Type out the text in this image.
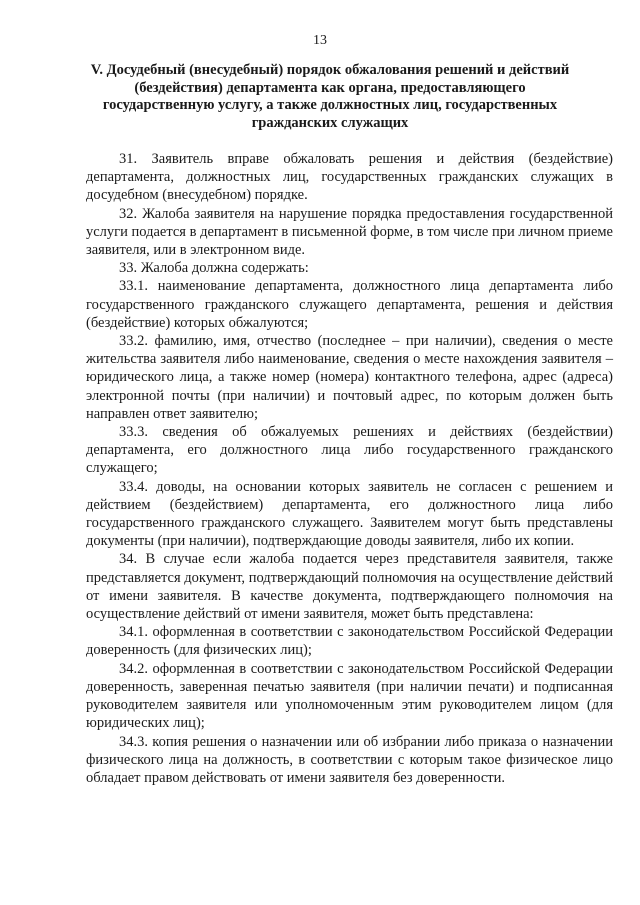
13
V. Досудебный (внесудебный) порядок обжалования решений и действий (бездействия) департамента как органа, предоставляющего государственную услугу, а также должностных лиц, государственных гражданских служащих

31. Заявитель вправе обжаловать решения и действия (бездействие) департамента, должностных лиц, государственных гражданских служащих в досудебном (внесудебном) порядке.

32. Жалоба заявителя на нарушение порядка предоставления государственной услуги подается в департамент в письменной форме, в том числе при личном приеме заявителя, или в электронном виде.

33. Жалоба должна содержать:

33.1. наименование департамента, должностного лица департамента либо государственного гражданского служащего департамента, решения и действия (бездействие) которых обжалуются;

33.2. фамилию, имя, отчество (последнее – при наличии), сведения о месте жительства заявителя либо наименование, сведения о месте нахождения заявителя – юридического лица, а также номер (номера) контактного телефона, адрес (адреса) электронной почты (при наличии) и почтовый адрес, по которым должен быть направлен ответ заявителю;

33.3. сведения об обжалуемых решениях и действиях (бездействии) департамента, его должностного лица либо государственного гражданского служащего;

33.4. доводы, на основании которых заявитель не согласен с решением и действием (бездействием) департамента, его должностного лица либо государственного гражданского служащего. Заявителем могут быть представлены документы (при наличии), подтверждающие доводы заявителя, либо их копии.

34. В случае если жалоба подается через представителя заявителя, также представляется документ, подтверждающий полномочия на осуществление действий от имени заявителя. В качестве документа, подтверждающего полномочия на осуществление действий от имени заявителя, может быть представлена:

34.1. оформленная в соответствии с законодательством Российской Федерации доверенность (для физических лиц);

34.2. оформленная в соответствии с законодательством Российской Федерации доверенность, заверенная печатью заявителя (при наличии печати) и подписанная руководителем заявителя или уполномоченным этим руководителем лицом (для юридических лиц);

34.3. копия решения о назначении или об избрании либо приказа о назначении физического лица на должность, в соответствии с которым такое физическое лицо обладает правом действовать от имени заявителя без доверенности.
